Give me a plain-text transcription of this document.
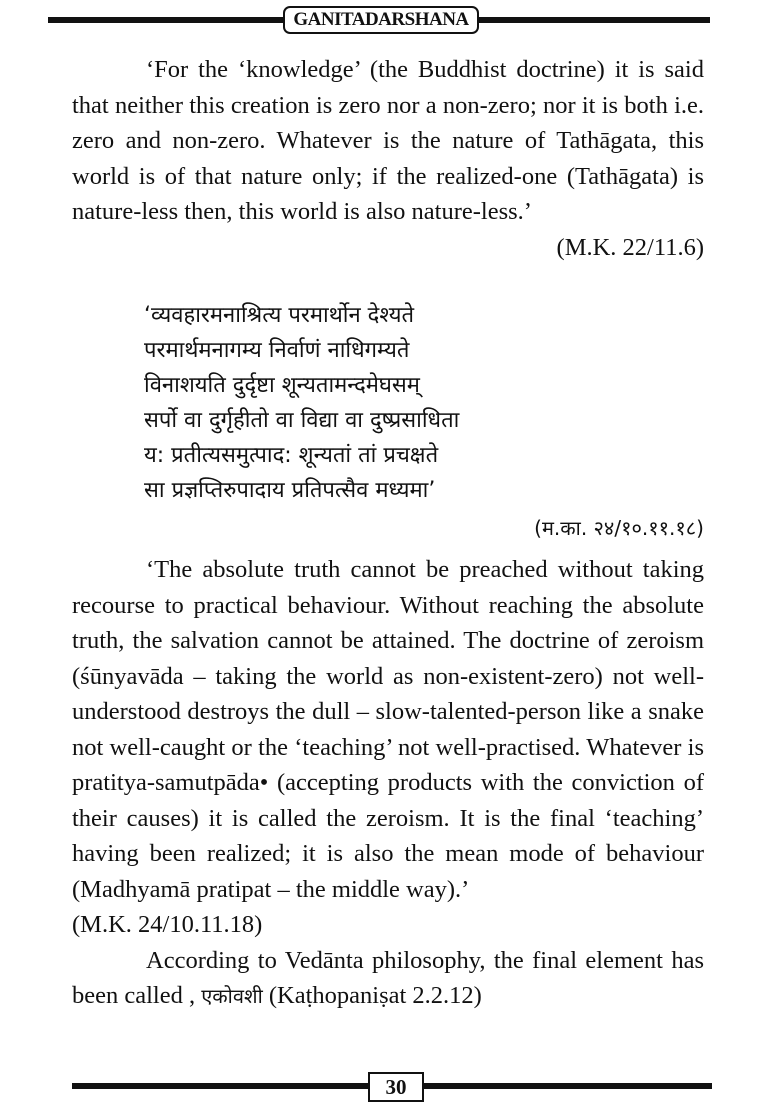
GANITADARSHANA

‘For the ‘knowledge’ (the Buddhist doctrine) it is said that neither this creation is zero nor a non-zero; nor it is both i.e. zero and non-zero. Whatever is the nature of Tathāgata, this world is of that nature only; if the realized-one (Tathāgata) is nature-less then, this world is also nature-less.’

(M.K. 22/11.6)

‘व्यवहारमनाश्रित्य परमार्थोन देश्यते
परमार्थमनागम्य निर्वाणं नाधिगम्यते
विनाशयति दुर्दृष्टा शून्यतामन्दमेघसम्
सर्पो वा दुर्गृहीतो वा विद्या वा दुष्प्रसाधिता
य: प्रतीत्यसमुत्पाद: शून्यतां तां प्रचक्षते
सा प्रज्ञप्तिरुपादाय प्रतिपत्सैव मध्यमा’
(म.का. २४/१०.११.१८)

‘The absolute truth cannot be preached without taking recourse to practical behaviour. Without reaching the absolute truth, the salvation cannot be attained. The doctrine of zeroism (śūnyavāda – taking the world as non-existent-zero) not well-understood destroys the dull – slow-talented-person like a snake not well-caught or the ‘teaching’ not well-practised. Whatever is pratitya-samutpāda• (accepting products with the conviction of their causes) it is called the zeroism. It is the final ‘teaching’ having been realized; it is also the mean mode of behaviour (Madhyamā pratipat – the middle way).’

(M.K. 24/10.11.18)

According to Vedānta philosophy, the final element has been called , एकोवशी (Kaṭhopaniṣat 2.2.12)

30
